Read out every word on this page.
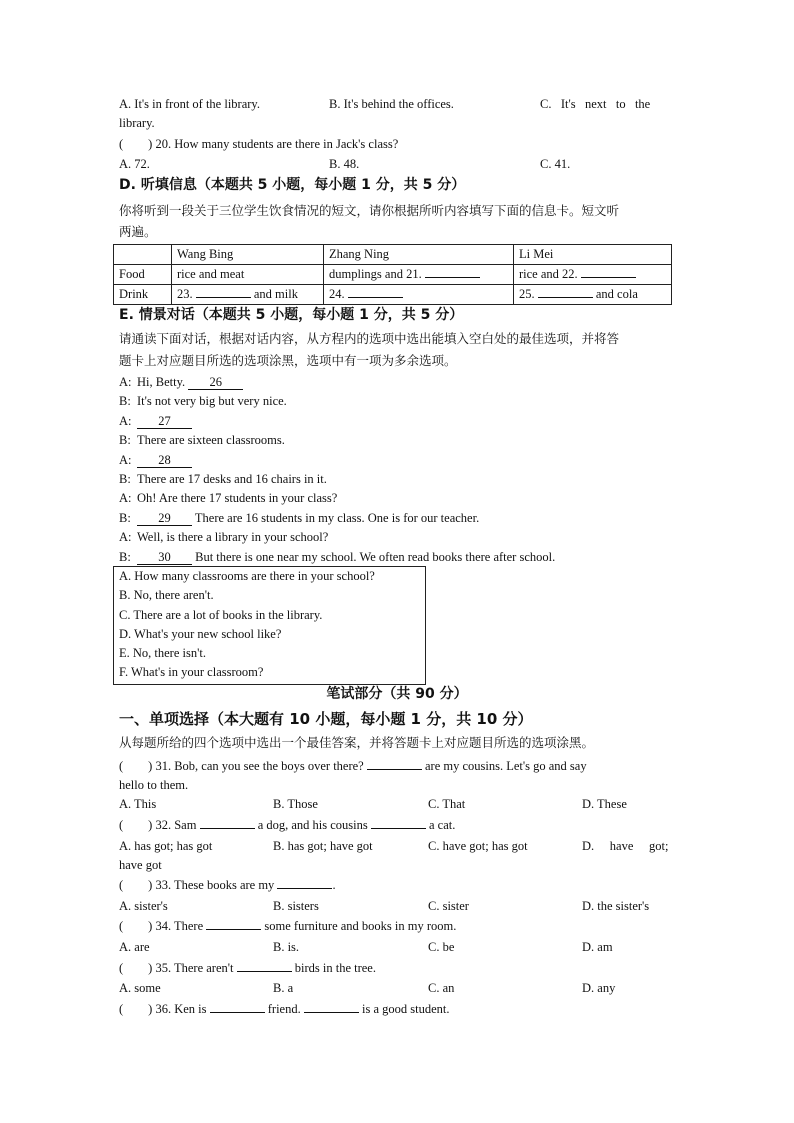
A. It's in front of the library.	B. It's behind the offices.	C.   It's   next   to   the
library.
(        ) 20. How many students are there in Jack's class?
A. 72.	B. 48.	C. 41.
D. 听填信息（本题共 5 小题，每小题 1 分，共 5 分）
你将听到一段关于三位学生饮食情况的短文，请你根据所听内容填写下面的信息卡。短文听
两遍。
	Wang Bing	Zhang Ning	Li Mei
Food	rice and meat	dumplings and 21.	rice and 22.
Drink	23. and milk	24.	25. and cola
E. 情景对话（本题共 5 小题，每小题 1 分，共 5 分）
请通读下面对话，根据对话内容，从方程内的选项中选出能填入空白处的最佳选项，并将答
题卡上对应题目所选的选项涂黑，选项中有一项为多余选项。
A: Hi, Betty. 26
B: It's not very big but very nice.
A: 27
B: There are sixteen classrooms.
A: 28
B: There are 17 desks and 16 chairs in it.
A: Oh! Are there 17 students in your class?
B: 29 There are 16 students in my class. One is for our teacher.
A: Well, is there a library in your school?
B: 30 But there is one near my school. We often read books there after school.
A. How many classrooms are there in your school?
B. No, there aren't.
C. There are a lot of books in the library.
D. What's your new school like?
E. No, there isn't.
F. What's in your classroom?
笔试部分（共 90 分）
一、单项选择（本大题有 10 小题，每小题 1 分，共 10 分）
从每题所给的四个选项中选出一个最佳答案，并将答题卡上对应题目所选的选项涂黑。
(        ) 31. Bob, can you see the boys over there?	are my cousins. Let's go and say
hello to them.
A. This	B. Those	C. That	D. These
(        ) 32. Sam	a dog, and his cousins	a cat.
A. has got; has got	B. has got; have got	C. have got; has got	D.     have     got;
have got
(        ) 33. These books are my	.
A. sister's	B. sisters	C. sister	D. the sister's
(        ) 34. There	some furniture and books in my room.
A. are	B. is.	C. be	D. am
(        ) 35. There aren't	birds in the tree.
A. some	B. a	C. an	D. any
(        ) 36. Ken is	friend.	is a good student.
